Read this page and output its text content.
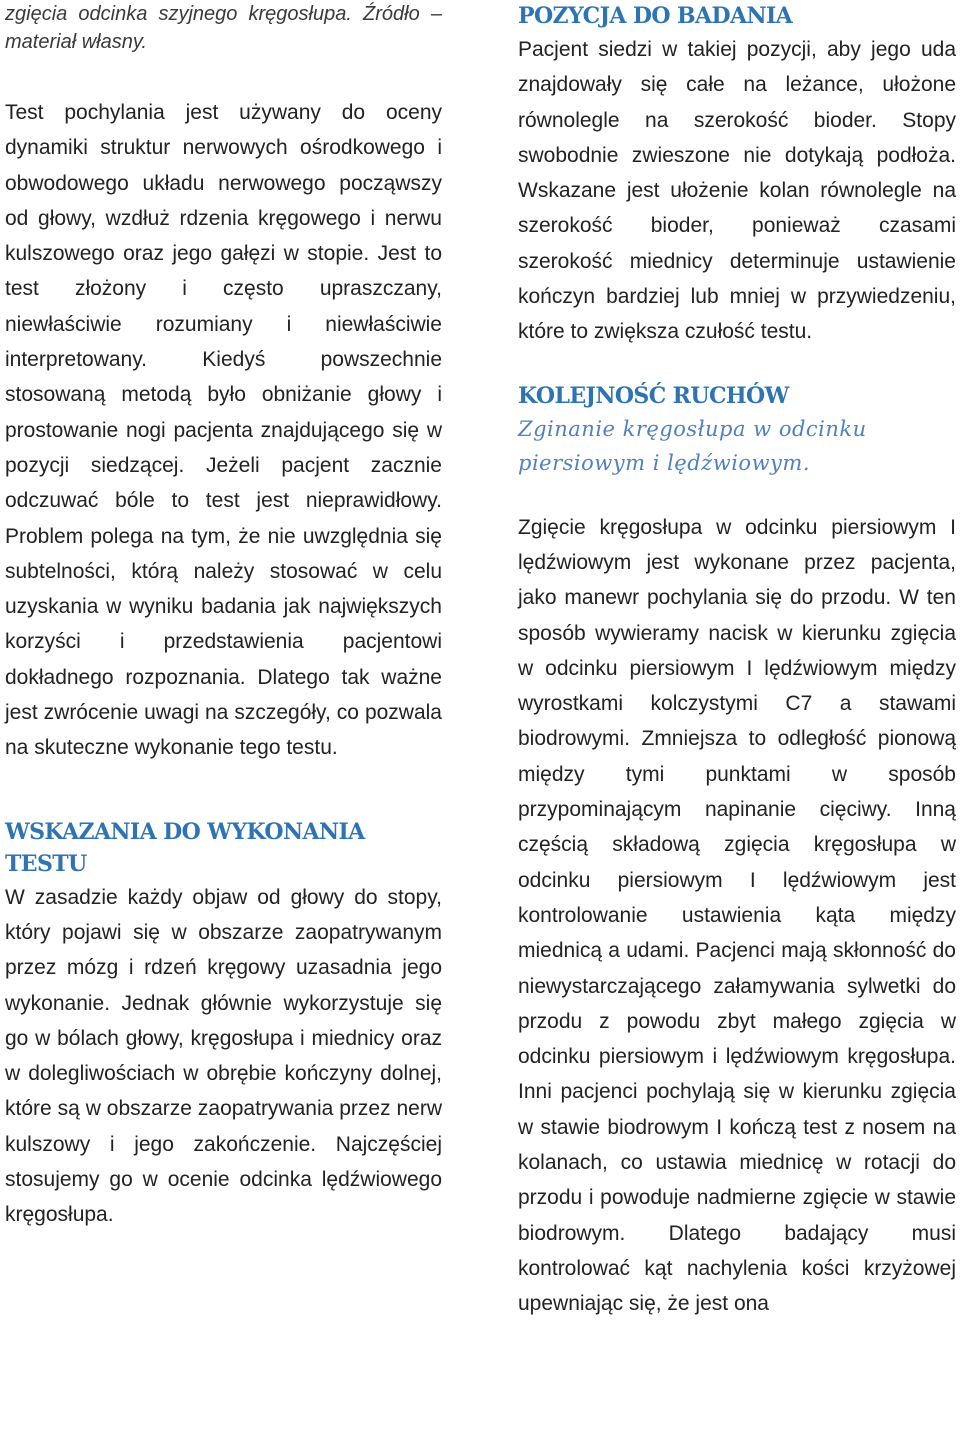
zgięcia odcinka szyjnego kręgosłupa. Źródło – materiał własny.

Test pochylania jest używany do oceny dynamiki struktur nerwowych ośrodkowego i obwodowego układu nerwowego począwszy od głowy, wzdłuż rdzenia kręgowego i nerwu kulszowego oraz jego gałęzi w stopie. Jest to test złożony i często upraszczany, niewłaściwie rozumiany i niewłaściwie interpretowany. Kiedyś powszechnie stosowaną metodą było obniżanie głowy i prostowanie nogi pacjenta znajdującego się w pozycji siedzącej. Jeżeli pacjent zacznie odczuwać bóle to test jest nieprawidłowy. Problem polega na tym, że nie uwzględnia się subtelności, którą należy stosować w celu uzyskania w wyniku badania jak największych korzyści i przedstawienia pacjentowi dokładnego rozpoznania. Dlatego tak ważne jest zwrócenie uwagi na szczegóły, co pozwala na skuteczne wykonanie tego testu.

WSKAZANIA DO WYKONANIA TESTU

W zasadzie każdy objaw od głowy do stopy, który pojawi się w obszarze zaopatrywanym przez mózg i rdzeń kręgowy uzasadnia jego wykonanie. Jednak głównie wykorzystuje się go w bólach głowy, kręgosłupa i miednicy oraz w dolegliwościach w obrębie kończyny dolnej, które są w obszarze zaopatrywania przez nerw kulszowy i jego zakończenie. Najczęściej stosujemy go w ocenie odcinka lędźwiowego kręgosłupa.

POZYCJA DO BADANIA

Pacjent siedzi w takiej pozycji, aby jego uda znajdowały się całe na leżance, ułożone równolegle na szerokość bioder. Stopy swobodnie zwieszone nie dotykają podłoża. Wskazane jest ułożenie kolan równolegle na szerokość bioder, ponieważ czasami szerokość miednicy determinuje ustawienie kończyn bardziej lub mniej w przywiedzeniu, które to zwiększa czułość testu.

KOLEJNOŚĆ RUCHÓW

Zginanie kręgosłupa w odcinku piersiowym i lędźwiowym.

Zgięcie kręgosłupa w odcinku piersiowym I lędźwiowym jest wykonane przez pacjenta, jako manewr pochylania się do przodu. W ten sposób wywieramy nacisk w kierunku zgięcia w odcinku piersiowym I lędźwiowym między wyrostkami kolczystymi C7 a stawami biodrowymi. Zmniejsza to odległość pionową między tymi punktami w sposób przypominającym napinanie cięciwy. Inną częścią składową zgięcia kręgosłupa w odcinku piersiowym I lędźwiowym jest kontrolowanie ustawienia kąta między miednicą a udami. Pacjenci mają skłonność do niewystarczającego załamywania sylwetki do przodu z powodu zbyt małego zgięcia w odcinku piersiowym i lędźwiowym kręgosłupa. Inni pacjenci pochylają się w kierunku zgięcia w stawie biodrowym I kończą test z nosem na kolanach, co ustawia miednicę w rotacji do przodu i powoduje nadmierne zgięcie w stawie biodrowym. Dlatego badający musi kontrolować kąt nachylenia kości krzyżowej upewniając się, że jest ona
